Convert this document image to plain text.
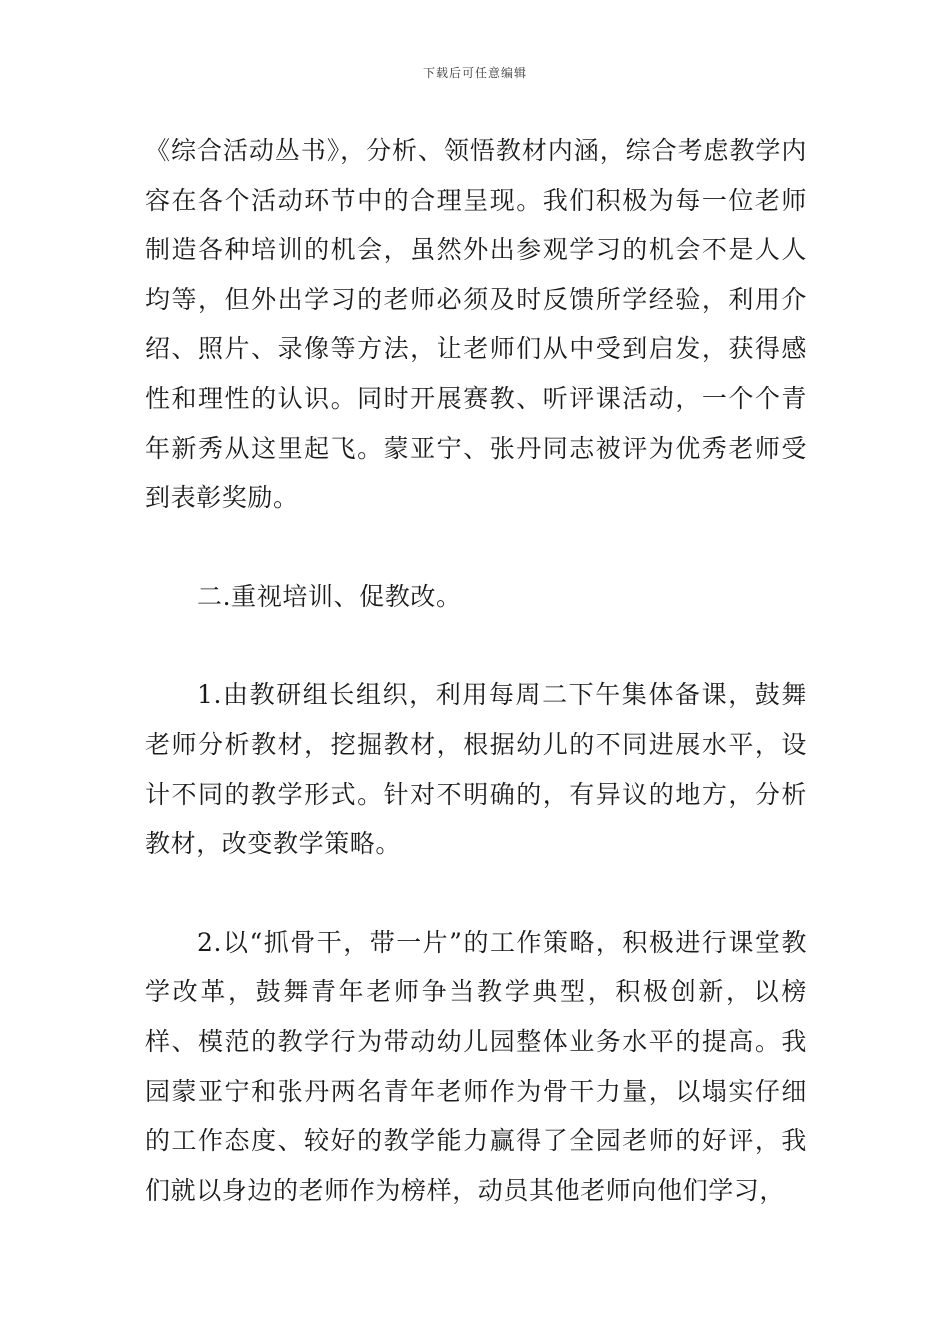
下载后可任意编辑

《综合活动丛书》，分析、领悟教材内涵，综合考虑教学内容在各个活动环节中的合理呈现。我们积极为每一位老师制造各种培训的机会，虽然外出参观学习的机会不是人人均等，但外出学习的老师必须及时反馈所学经验，利用介绍、照片、录像等方法，让老师们从中受到启发，获得感性和理性的认识。同时开展赛教、听评课活动，一个个青年新秀从这里起飞。蒙亚宁、张丹同志被评为优秀老师受到表彰奖励。

二.重视培训、促教改。

1.由教研组长组织，利用每周二下午集体备课，鼓舞老师分析教材，挖掘教材，根据幼儿的不同进展水平，设计不同的教学形式。针对不明确的，有异议的地方，分析教材，改变教学策略。

2.以“抓骨干，带一片”的工作策略，积极进行课堂教学改革，鼓舞青年老师争当教学典型，积极创新，以榜样、模范的教学行为带动幼儿园整体业务水平的提高。我园蒙亚宁和张丹两名青年老师作为骨干力量，以塌实仔细的工作态度、较好的教学能力赢得了全园老师的好评，我们就以身边的老师作为榜样，动员其他老师向他们学习，
